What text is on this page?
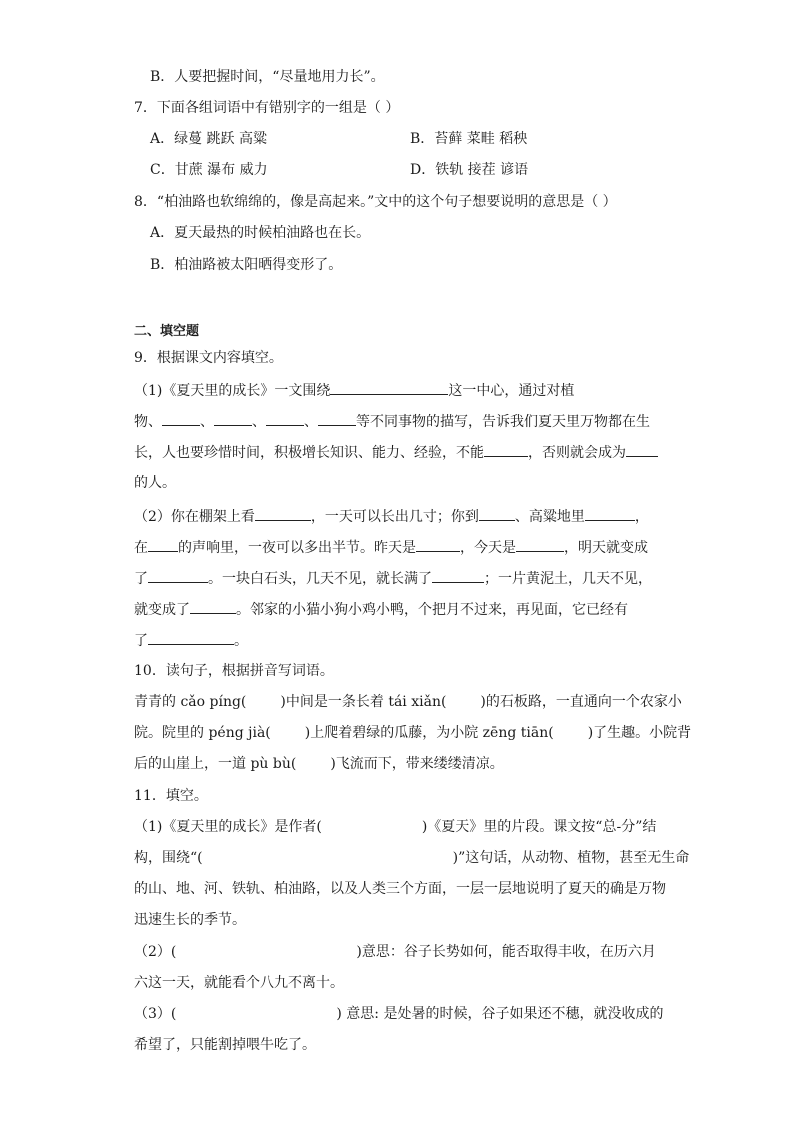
B．人要把握时间，“尽量地用力长”。
7．下面各组词语中有错别字的一组是（ ）
A．绿蔓 跳跃 高粱	B．苔藓 菜畦 稻秧
C．甘蔗 瀑布 威力	D．铁轨 接茬 谚语
8．“柏油路也软绵绵的，像是高起来。”文中的这个句子想要说明的意思是（ ）
A．夏天最热的时候柏油路也在长。
B．柏油路被太阳晒得变形了。
二、填空题
9．根据课文内容填空。
（1)《夏天里的成长》一文围绕	这一中心，通过对植
物、	、	、	、	等不同事物的描写，告诉我们夏天里万物都在生
长，人也要珍惜时间，积极增长知识、能力、经验，不能	，否则就会成为
的人。
（2）你在棚架上看	，一天可以长出几寸；你到	、高粱地里	，
在 的声响里，一夜可以多出半节。昨天是	，今天是	，明天就变成
了	。一块白石头，几天不见，就长满了	；一片黄泥土，几天不见，
就变成了	。邻家的小猫小狗小鸡小鸭，个把月不过来，再见面，它已经有
了	。
10．读句子，根据拼音写词语。
青青的 cǎo píng( )中间是一条长着 tái xiǎn( )的石板路，一直通向一个农家小
院。院里的 péng jià( )上爬着碧绿的瓜藤，为小院 zēng tiān( )了生趣。小院背
后的山崖上，一道 pù bù( )飞流而下，带来缕缕清凉。
11．填空。
（1)《夏天里的成长》是作者(	)《夏天》里的片段。课文按“总-分”结
构，围绕“(	)”这句话，从动物、植物，甚至无生命
的山、地、河、铁轨、柏油路，以及人类三个方面，一层一层地说明了夏天的确是万物
迅速生长的季节。
（2）(	)意思：谷子长势如何，能否取得丰收，在历六月
六这一天，就能看个八九不离十。
（3）(	) 意思: 是处暑的时候，谷子如果还不穗，就没收成的
希望了，只能割掉喂牛吃了。
